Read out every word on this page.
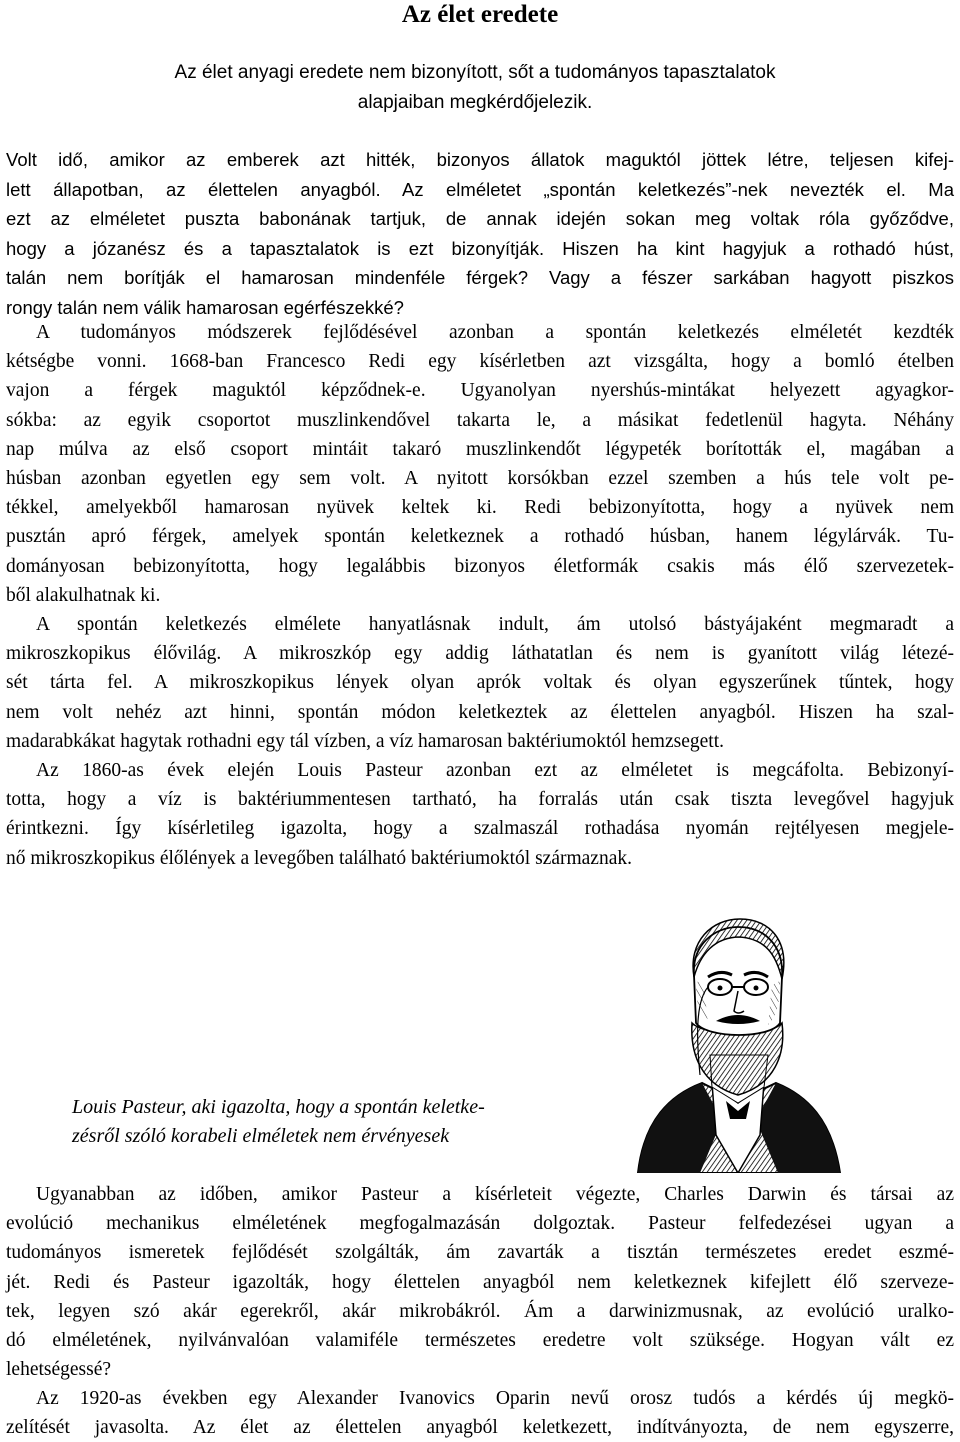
Az élet eredete

Az élet anyagi eredete nem bizonyított, sőt a tudományos tapasztalatok
alapjaiban megkérdőjelezik.

Volt idő, amikor az emberek azt hitték, bizonyos állatok maguktól jöttek létre, teljesen kifej-
lett állapotban, az élettelen anyagból. Az elméletet „spontán keletkezés”-nek nevezték el. Ma
ezt az elméletet puszta babonának tartjuk, de annak idején sokan meg voltak róla győződve,
hogy a józanész és a tapasztalatok is ezt bizonyítják. Hiszen ha kint hagyjuk a rothadó húst,
talán nem borítják el hamarosan mindenféle férgek? Vagy a fészer sarkában hagyott piszkos
rongy talán nem válik hamarosan egérfészekké?

A tudományos módszerek fejlődésével azonban a spontán keletkezés elméletét kezdték
kétségbe vonni. 1668-ban Francesco Redi egy kísérletben azt vizsgálta, hogy a bomló ételben
vajon a férgek maguktól képződnek-e. Ugyanolyan nyershús-mintákat helyezett agyagkor-
sókba: az egyik csoportot muszlinkendővel takarta le, a másikat fedetlenül hagyta. Néhány
nap múlva az első csoport mintáit takaró muszlinkendőt légypeték borították el, magában a
húsban azonban egyetlen egy sem volt. A nyitott korsókban ezzel szemben a hús tele volt pe-
tékkel, amelyekből hamarosan nyüvek keltek ki. Redi bebizonyította, hogy a nyüvek nem
pusztán apró férgek, amelyek spontán keletkeznek a rothadó húsban, hanem légylárvák. Tu-
dományosan bebizonyította, hogy legalábbis bizonyos életformák csakis más élő szervezetek-
ből alakulhatnak ki.

A spontán keletkezés elmélete hanyatlásnak indult, ám utolsó bástyájaként megmaradt a
mikroszkopikus élővilág. A mikroszkóp egy addig láthatatlan és nem is gyanított világ létezé-
sét tárta fel. A mikroszkopikus lények olyan aprók voltak és olyan egyszerűnek tűntek, hogy
nem volt nehéz azt hinni, spontán módon keletkeztek az élettelen anyagból. Hiszen ha szal-
madarabkákat hagytak rothadni egy tál vízben, a víz hamarosan baktériumoktól hemzsegett.

Az 1860-as évek elején Louis Pasteur azonban ezt az elméletet is megcáfolta. Bebizonyí-
totta, hogy a víz is baktériummentesen tartható, ha forralás után csak tiszta levegővel hagyjuk
érintkezni. Így kísérletileg igazolta, hogy a szalmaszál rothadása nyomán rejtélyesen megjele-
nő mikroszkopikus élőlények a levegőben található baktériumoktól származnak.

Louis Pasteur, aki igazolta, hogy a spontán keletke-
zésről szóló korabeli elméletek nem érvényesek

Ugyanabban az időben, amikor Pasteur a kísérleteit végezte, Charles Darwin és társai az
evolúció mechanikus elméletének megfogalmazásán dolgoztak. Pasteur felfedezései ugyan a
tudományos ismeretek fejlődését szolgálták, ám zavarták a tisztán természetes eredet eszmé-
jét. Redi és Pasteur igazolták, hogy élettelen anyagból nem keletkeznek kifejlett élő szerveze-
tek, legyen szó akár egerekről, akár mikrobákról. Ám a darwinizmusnak, az evolúció uralko-
dó elméletének, nyilvánvalóan valamiféle természetes eredetre volt szüksége. Hogyan vált ez
lehetségessé?

Az 1920-as években egy Alexander Ivanovics Oparin nevű orosz tudós a kérdés új megkö-
zelítését javasolta. Az élet az élettelen anyagból keletkezett, indítványozta, de nem egyszerre,
